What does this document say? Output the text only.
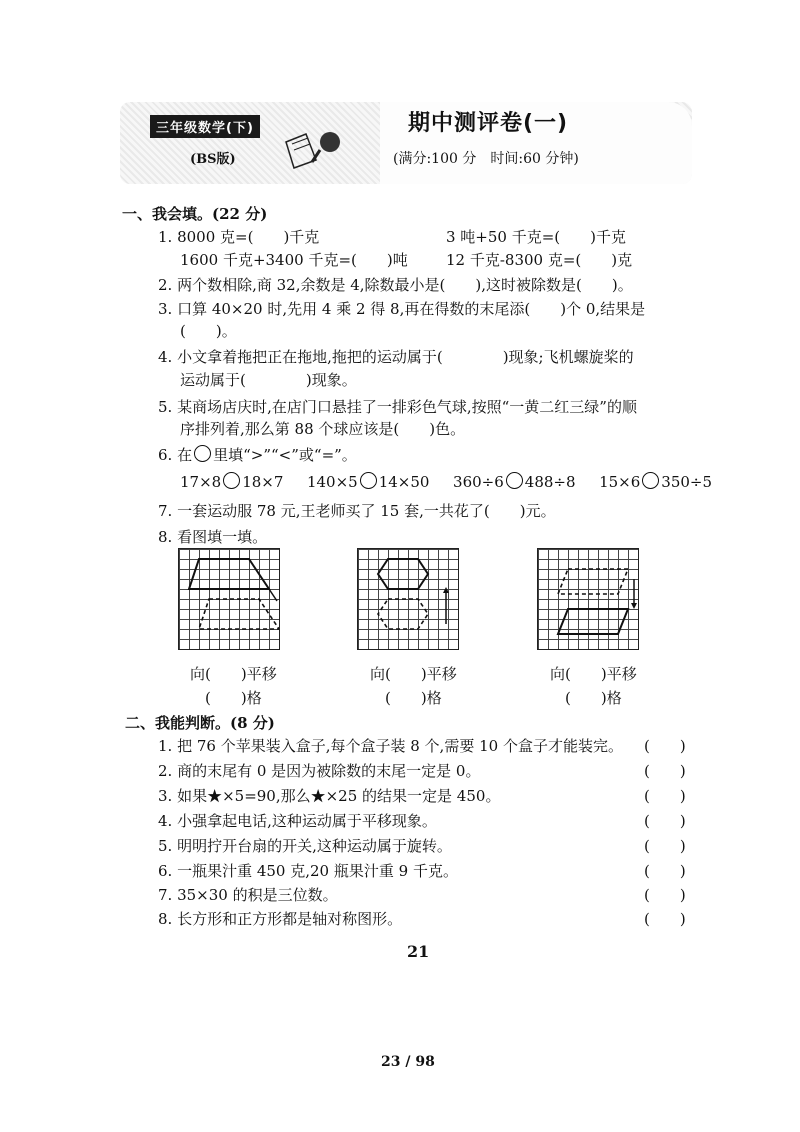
三年级数学(下)
(BS版)
期中测评卷(一)
(满分:100 分　时间:60 分钟)
一、我会填。(22 分)
1. 8000 克=(　　)千克	3 吨+50 千克=(　　)千克
1600 千克+3400 千克=(　　)吨	12 千克-8300 克=(　　)克
2. 两个数相除,商 32,余数是 4,除数最小是(　　),这时被除数是(　　)。
3. 口算 40×20 时,先用 4 乘 2 得 8,再在得数的末尾添(　　)个 0,结果是
(　　)。
4. 小文拿着拖把正在拖地,拖把的运动属于(　　　　)现象;飞机螺旋桨的
运动属于(　　　　)现象。
5. 某商场店庆时,在店门口悬挂了一排彩色气球,按照“一黄二红三绿”的顺
序排列着,那么第 88 个球应该是(　　)色。
6. 在 里填“>”“<”或“=”。
17×8 18×7 140×5 14×50 360÷6 488÷8 15×6 350÷5
7. 一套运动服 78 元,王老师买了 15 套,一共花了(　　)元。
8. 看图填一填。
向(　　)平移
(　　)格
向(　　)平移
(　　)格
向(　　)平移
(　　)格
二、我能判断。(8 分)
1. 把 76 个苹果装入盒子,每个盒子装 8 个,需要 10 个盒子才能装完。
2. 商的末尾有 0 是因为被除数的末尾一定是 0。
3. 如果★×5=90,那么★×25 的结果一定是 450。
4. 小强拿起电话,这种运动属于平移现象。
5. 明明拧开台扇的开关,这种运动属于旋转。
6. 一瓶果汁重 450 克,20 瓶果汁重 9 千克。
7. 35×30 的积是三位数。
8. 长方形和正方形都是轴对称图形。
(　　)
(　　)
(　　)
(　　)
(　　)
(　　)
(　　)
(　　)
21
23 / 98
